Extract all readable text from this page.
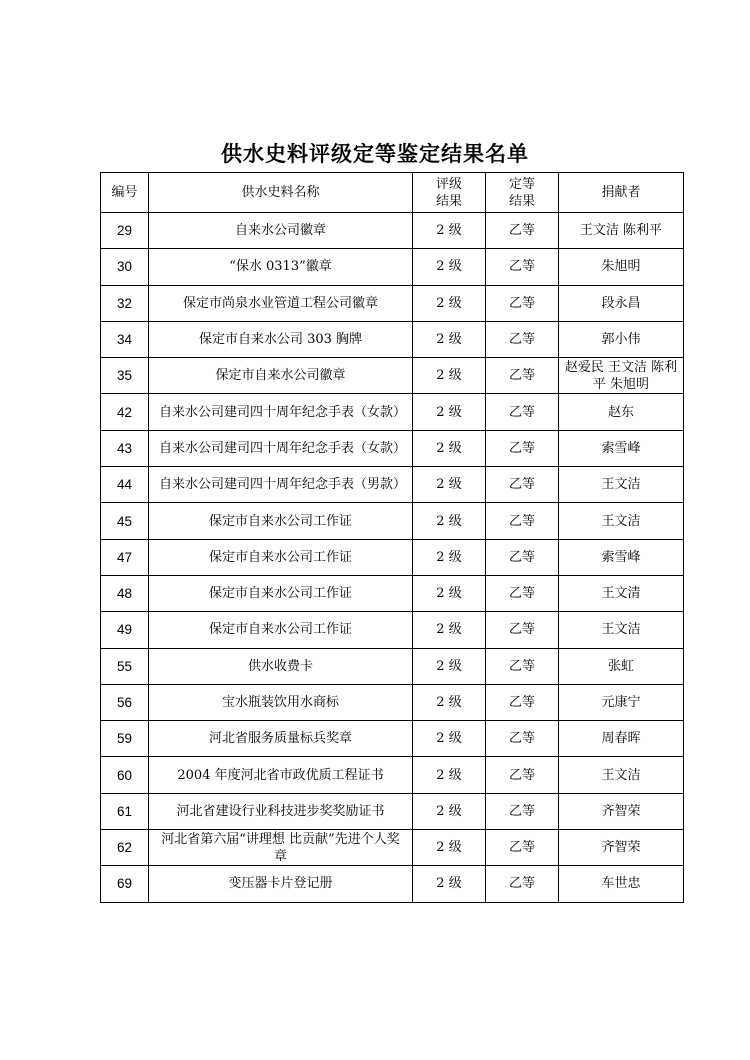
供水史料评级定等鉴定结果名单
编号	供水史料名称	评级结果	定等结果	捐献者
29	自来水公司徽章	2 级	乙等	王文洁 陈利平
30	“保水 0313”徽章	2 级	乙等	朱旭明
32	保定市尚泉水业管道工程公司徽章	2 级	乙等	段永昌
34	保定市自来水公司 303 胸牌	2 级	乙等	郭小伟
35	保定市自来水公司徽章	2 级	乙等	赵爱民 王文洁 陈利平 朱旭明
42	自来水公司建司四十周年纪念手表（女款）	2 级	乙等	赵东
43	自来水公司建司四十周年纪念手表（女款）	2 级	乙等	索雪峰
44	自来水公司建司四十周年纪念手表（男款）	2 级	乙等	王文洁
45	保定市自来水公司工作证	2 级	乙等	王文洁
47	保定市自来水公司工作证	2 级	乙等	索雪峰
48	保定市自来水公司工作证	2 级	乙等	王文清
49	保定市自来水公司工作证	2 级	乙等	王文洁
55	供水收费卡	2 级	乙等	张虹
56	宝水瓶装饮用水商标	2 级	乙等	元康宁
59	河北省服务质量标兵奖章	2 级	乙等	周春晖
60	2004 年度河北省市政优质工程证书	2 级	乙等	王文洁
61	河北省建设行业科技进步奖奖励证书	2 级	乙等	齐智荣
62	河北省第六届“讲理想 比贡献”先进个人奖章	2 级	乙等	齐智荣
69	变压器卡片登记册	2 级	乙等	车世忠
